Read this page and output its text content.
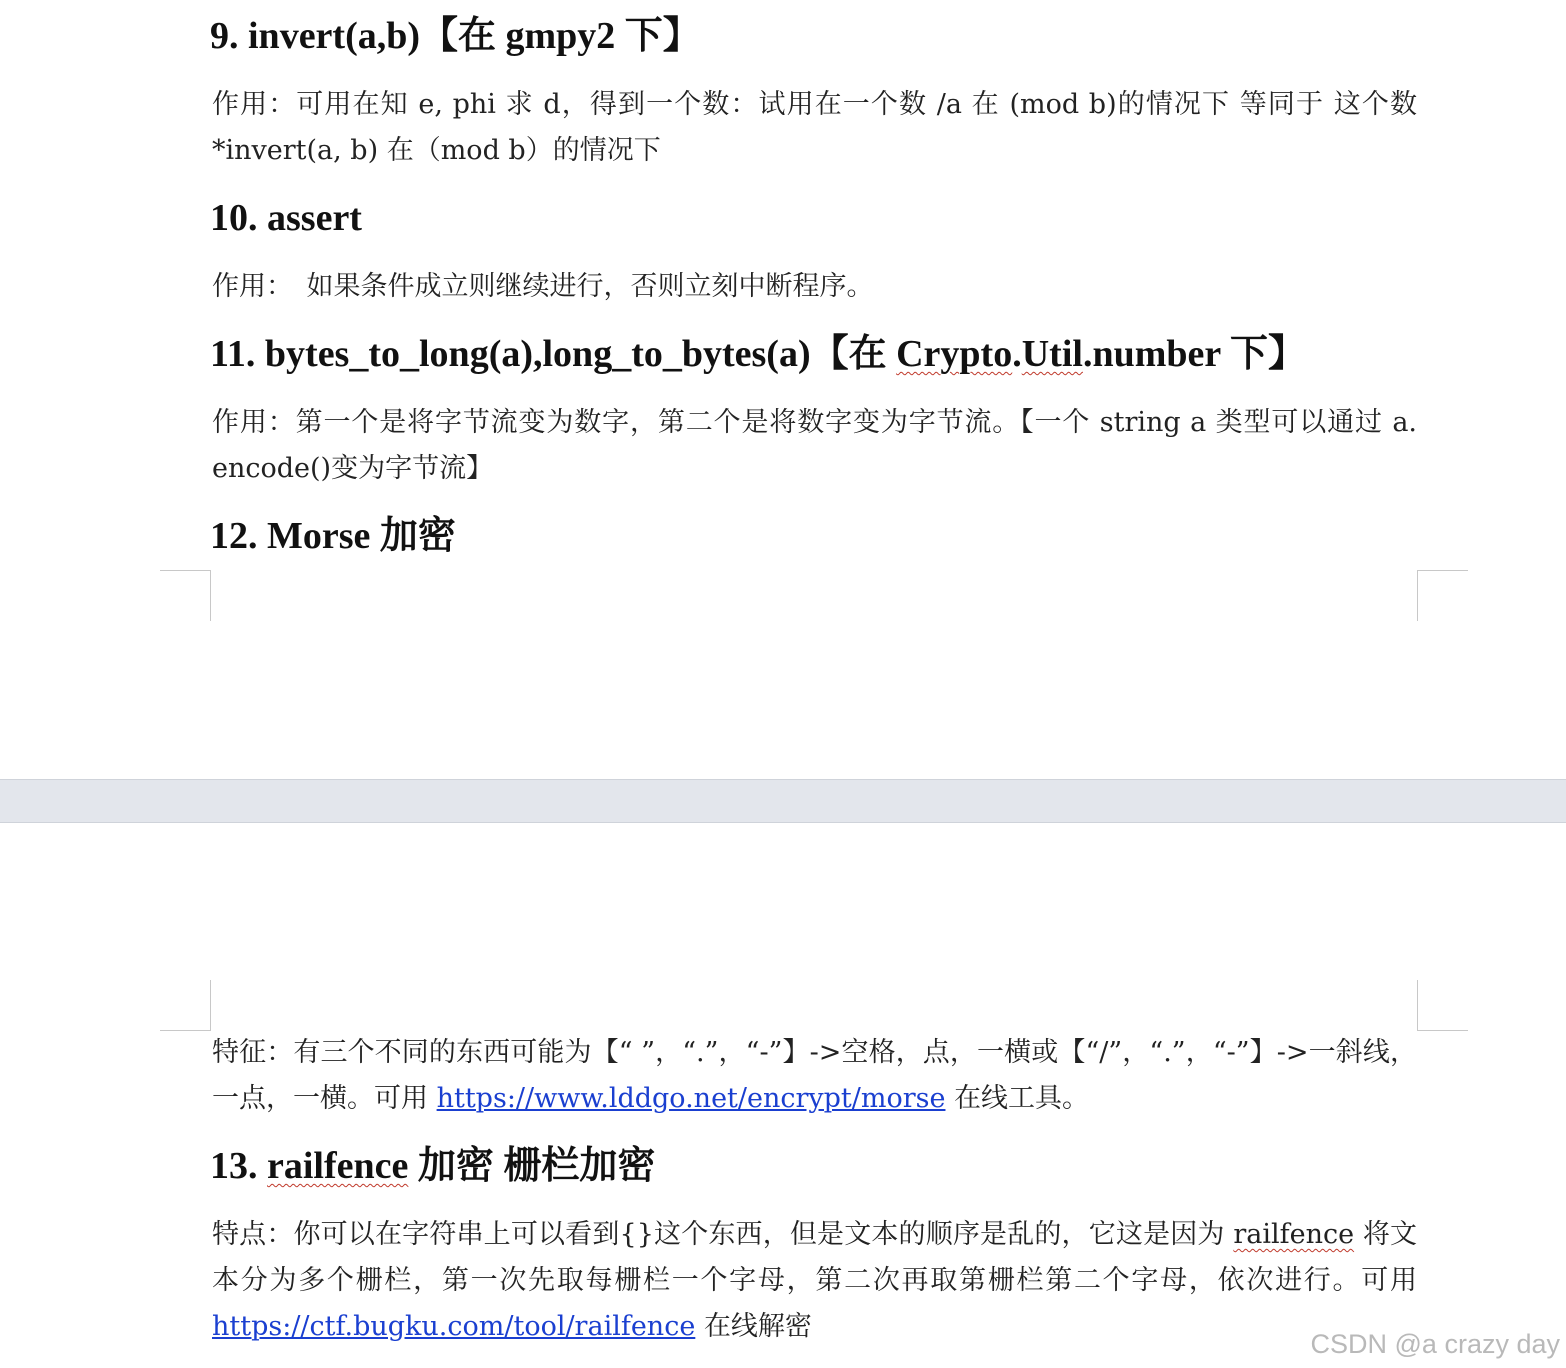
9. invert(a,b)【在 gmpy2 下】

作用：可用在知 e, phi 求 d，得到一个数：试用在一个数 /a 在 (mod b)的情况下 等同于 这个数 *invert(a, b) 在（mod b）的情况下

10. assert

作用：　如果条件成立则继续进行，否则立刻中断程序。

11. bytes_to_long(a),long_to_bytes(a)【在 Crypto.Util.number 下】

作用：第一个是将字节流变为数字，第二个是将数字变为字节流。【一个 string a 类型可以通过 a. encode()变为字节流】

12. Morse 加密

特征：有三个不同的东西可能为【“ ”，“.”，“-”】->空格，点，一横或【“/”，“.”，“-”】->一斜线，一点，一横。可用 https://www.lddgo.net/encrypt/morse 在线工具。

13. railfence 加密 栅栏加密

特点：你可以在字符串上可以看到{}这个东西，但是文本的顺序是乱的，它这是因为 railfence 将文本分为多个栅栏，第一次先取每栅栏一个字母，第二次再取第栅栏第二个字母，依次进行。可用 https://ctf.bugku.com/tool/railfence 在线解密

CSDN @a crazy day
